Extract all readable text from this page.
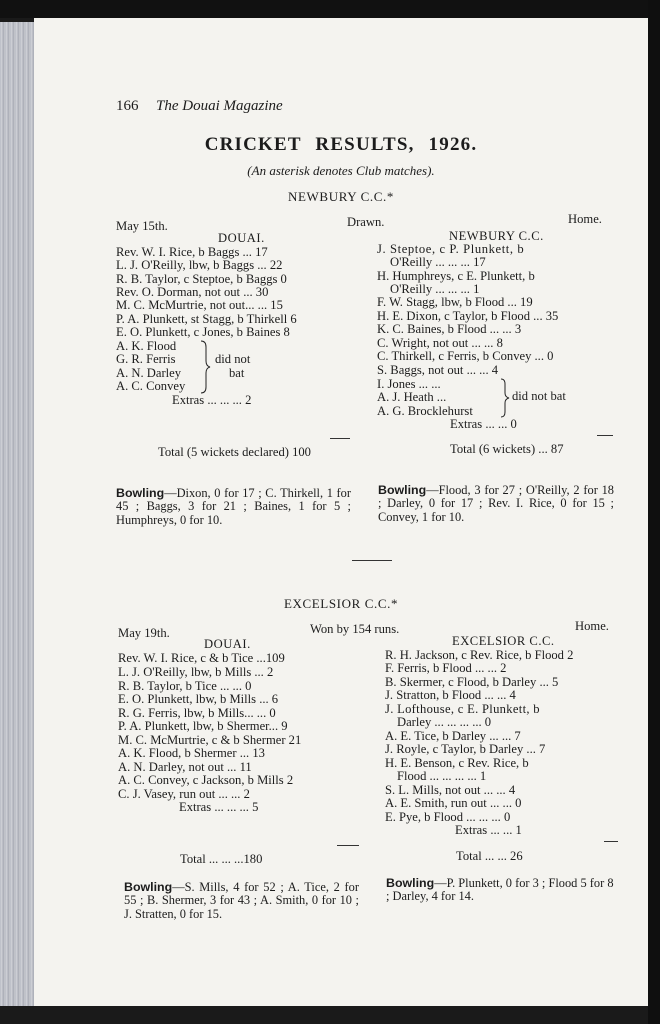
166 The Douai Magazine
CRICKET RESULTS, 1926.
(An asterisk denotes Club matches).
NEWBURY C.C.*
May 15th.	Drawn.	Home.
DOUAI.
Rev. W. I. Rice, b Baggs ... 17
L. J. O'Reilly, lbw, b Baggs ... 22
R. B. Taylor, c Steptoe, b Baggs 0
Rev. O. Dorman, not out ... 30
M. C. McMurtrie, not out... ... 15
P. A. Plunkett, st Stagg, b Thirkell 6
E. O. Plunkett, c Jones, b Baines 8
A. K. Flood
G. R. Ferris
A. N. Darley
A. C. Convey
did not
bat
Extras ... ... ... 2
Total (5 wickets declared) 100
NEWBURY C.C.
J. Steptoe, c P. Plunkett, b
O'Reilly ... ... ... 17
H. Humphreys, c E. Plunkett, b
O'Reilly ... ... ... 1
F. W. Stagg, lbw, b Flood ... 19
H. E. Dixon, c Taylor, b Flood ... 35
K. C. Baines, b Flood ... ... 3
C. Wright, not out ... ... 8
C. Thirkell, c Ferris, b Convey ... 0
S. Baggs, not out ... ... 4
I. Jones ... ...
A. J. Heath ...
A. G. Brocklehurst
did not bat
Extras ... ... 0
Total (6 wickets) ... 87
Bowling—Dixon, 0 for 17 ; C. Thirkell, 1 for 45 ; Baggs, 3 for 21 ; Baines, 1 for 5 ; Humphreys, 0 for 10.
Bowling—Flood, 3 for 27 ; O'Reilly, 2 for 18 ; Darley, 0 for 17 ; Rev. I. Rice, 0 for 15 ; Convey, 1 for 10.
EXCELSIOR C.C.*
May 19th.	Won by 154 runs.	Home.
DOUAI.
Rev. W. I. Rice, c & b Tice ...109
L. J. O'Reilly, lbw, b Mills ... 2
R. B. Taylor, b Tice ... ... 0
E. O. Plunkett, lbw, b Mills ... 6
R. G. Ferris, lbw, b Mills... ... 0
P. A. Plunkett, lbw, b Shermer... 9
M. C. McMurtrie, c & b Shermer 21
A. K. Flood, b Shermer ... 13
A. N. Darley, not out ... 11
A. C. Convey, c Jackson, b Mills 2
C. J. Vasey, run out ... ... 2
Extras ... ... ... 5
Total ... ... ...180
EXCELSIOR C.C.
R. H. Jackson, c Rev. Rice, b Flood 2
F. Ferris, b Flood ... ... 2
B. Skermer, c Flood, b Darley ... 5
J. Stratton, b Flood ... ... 4
J. Lofthouse, c E. Plunkett, b
Darley ... ... ... ... 0
A. E. Tice, b Darley ... ... 7
J. Royle, c Taylor, b Darley ... 7
H. E. Benson, c Rev. Rice, b
Flood ... ... ... ... 1
S. L. Mills, not out ... ... 4
A. E. Smith, run out ... ... 0
E. Pye, b Flood ... ... ... 0
Extras ... ... 1
Total ... ... 26
Bowling—S. Mills, 4 for 52 ; A. Tice, 2 for 55 ; B. Shermer, 3 for 43 ; A. Smith, 0 for 10 ; J. Stratten, 0 for 15.
Bowling—P. Plunkett, 0 for 3 ; Flood 5 for 8 ; Darley, 4 for 14.
